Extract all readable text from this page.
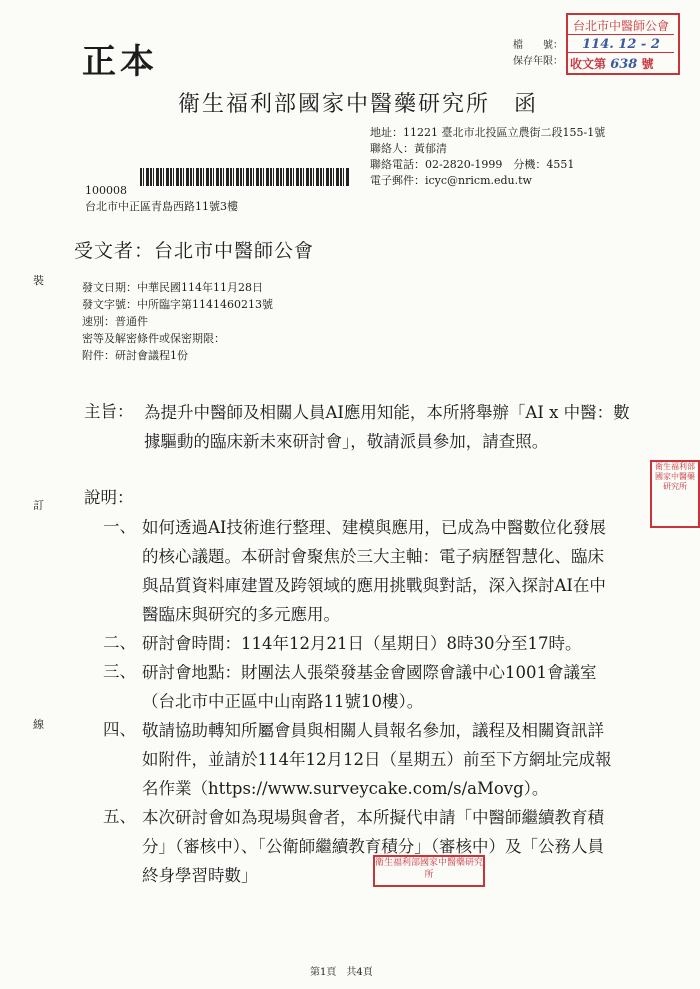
正本	檔　　號：
保存年限：
台北市中醫師公會
114. 12 - 2
收文第 638 號
衛生福利部國家中醫藥研究所　函
地址：11221 臺北市北投區立農街二段155-1號
聯絡人：黃郁清
聯絡電話：02-2820-1999　分機：4551
電子郵件：icyc@nricm.edu.tw
100008
台北市中正區青島西路11號3樓
受文者：台北市中醫師公會
發文日期：中華民國114年11月28日
發文字號：中所臨字第1141460213號
速別：普通件
密等及解密條件或保密期限：
附件：研討會議程1份
裝
訂
線
主旨： 為提升中醫師及相關人員AI應用知能，本所將舉辦「AI x 中醫：數據驅動的臨床新未來研討會」，敬請派員參加，請查照。
說明：
一、 如何透過AI技術進行整理、建模與應用，已成為中醫數位化發展的核心議題。本研討會聚焦於三大主軸：電子病歷智慧化、臨床與品質資料庫建置及跨領域的應用挑戰與對話，深入探討AI在中醫臨床與研究的多元應用。
二、 研討會時間：114年12月21日（星期日）8時30分至17時。
三、 研討會地點：財團法人張榮發基金會國際會議中心1001會議室（台北市中正區中山南路11號10樓）。
四、 敬請協助轉知所屬會員與相關人員報名參加，議程及相關資訊詳如附件，並請於114年12月12日（星期五）前至下方網址完成報名作業（https://www.surveycake.com/s/aMovg）。
五、 本次研討會如為現場與會者，本所擬代申請「中醫師繼續教育積分」（審核中）、「公衛師繼續教育積分」（審核中）及「公務人員終身學習時數」
衛生福利部國家中醫藥研究所
衛生福利部國家中醫藥研究所
第1頁　共4頁
